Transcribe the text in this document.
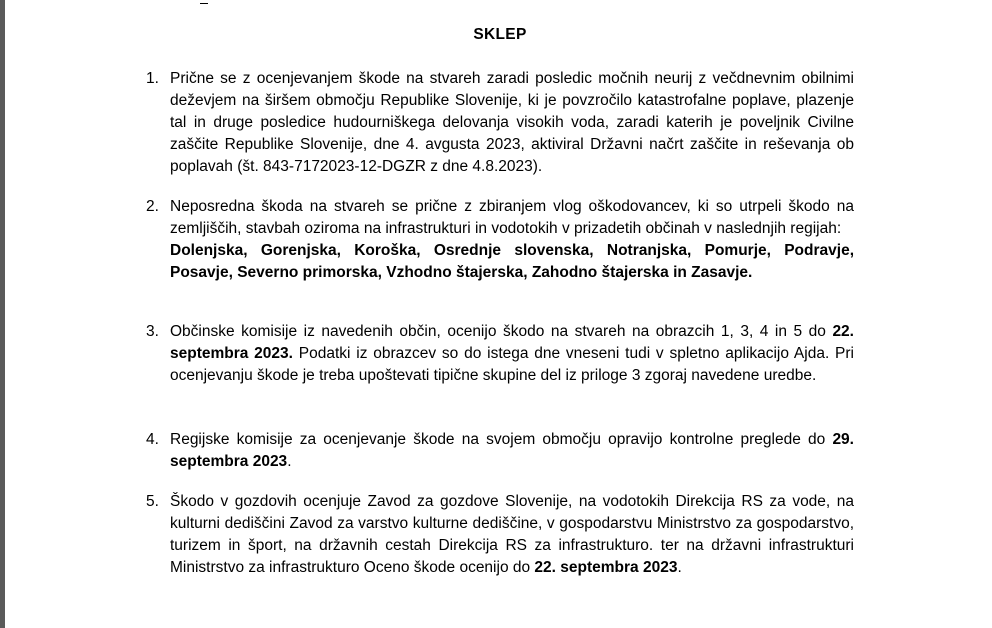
SKLEP
1. Prične se z ocenjevanjem škode na stvareh zaradi posledic močnih neurij z večdnevnim obilnimi deževjem na širšem območju Republike Slovenije, ki je povzročilo katastrofalne poplave, plazenje tal in druge posledice hudourniškega delovanja visokih voda, zaradi katerih je poveljnik Civilne zaščite Republike Slovenije, dne 4. avgusta 2023, aktiviral Državni načrt zaščite in reševanja ob poplavah (št. 843-7172023-12-DGZR z dne 4.8.2023).

2. Neposredna škoda na stvareh se prične z zbiranjem vlog oškodovancev, ki so utrpeli škodo na zemljiščih, stavbah oziroma na infrastrukturi in vodotokih v prizadetih občinah v naslednjih regijah:

Dolenjska, Gorenjska, Koroška, Osrednje slovenska, Notranjska, Pomurje, Podravje, Posavje, Severno primorska, Vzhodno štajerska, Zahodno štajerska in Zasavje.

3. Občinske komisije iz navedenih občin, ocenijo škodo na stvareh na obrazcih 1, 3, 4 in 5 do 22. septembra 2023. Podatki iz obrazcev so do istega dne vneseni tudi v spletno aplikacijo Ajda. Pri ocenjevanju škode je treba upoštevati tipične skupine del iz priloge 3 zgoraj navedene uredbe.

4. Regijske komisije za ocenjevanje škode na svojem območju opravijo kontrolne preglede do 29. septembra 2023.

5. Škodo v gozdovih ocenjuje Zavod za gozdove Slovenije, na vodotokih Direkcija RS za vode, na kulturni dediščini Zavod za varstvo kulturne dediščine, v gospodarstvu Ministrstvo za gospodarstvo, turizem in šport, na državnih cestah Direkcija RS za infrastrukturo. ter na državni infrastrukturi Ministrstvo za infrastrukturo Oceno škode ocenijo do 22. septembra 2023.
